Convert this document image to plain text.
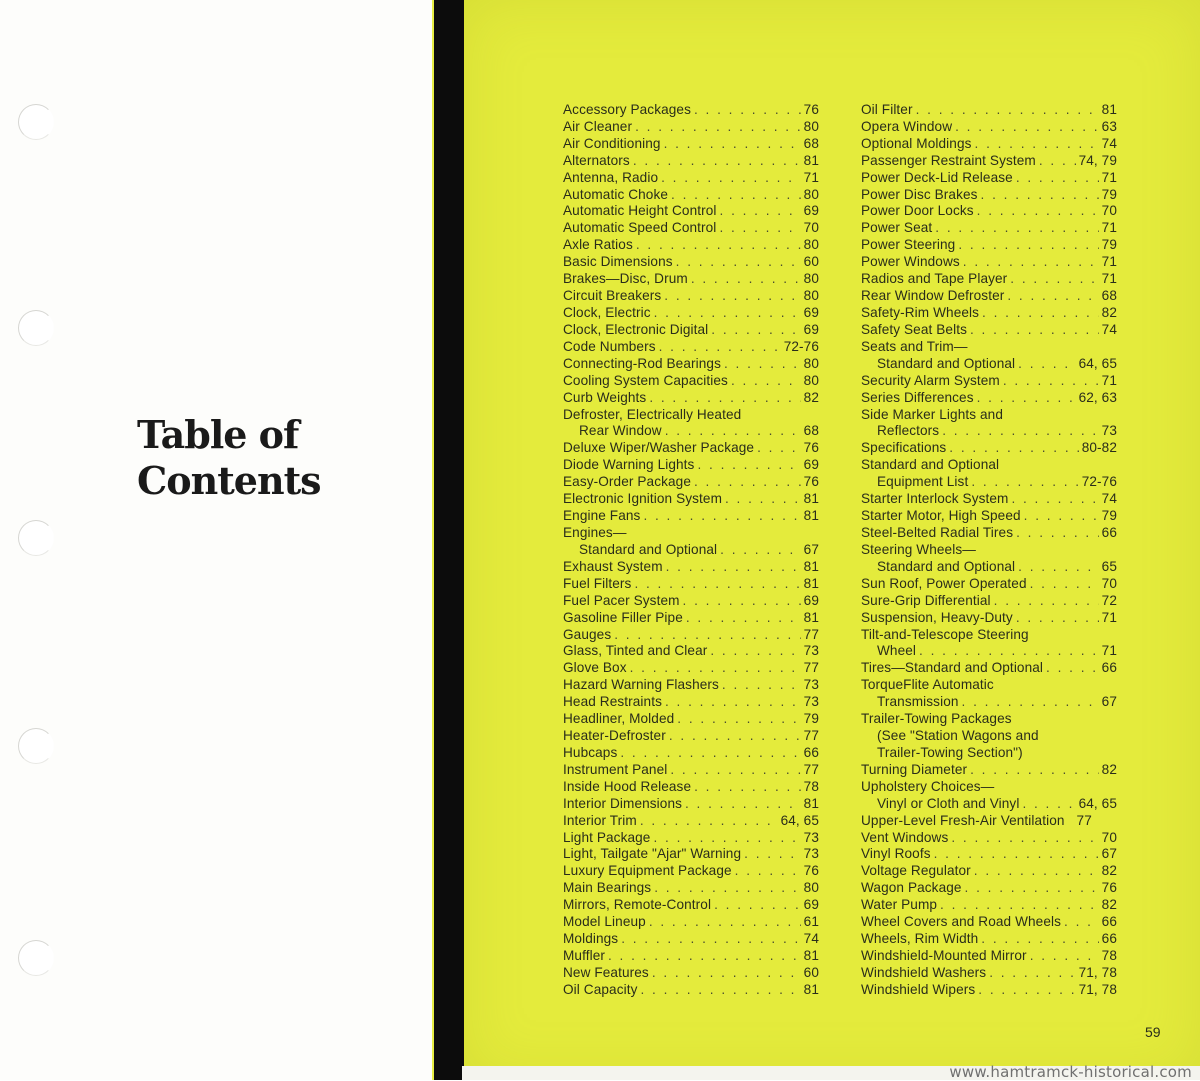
Table of
Contents
Accessory Packages . . .	76
Air Cleaner . . .	80
Air Conditioning . . .	68
Alternators . . .	81
Antenna, Radio . . .	71
Automatic Choke . . .	80
Automatic Height Control . . .	69
Automatic Speed Control . . .	70
Axle Ratios . . .	80
Basic Dimensions . . .	60
Brakes—Disc, Drum . . .	80
Circuit Breakers . . .	80
Clock, Electric . . .	69
Clock, Electronic Digital . . .	69
Code Numbers . . .	72-76
Connecting-Rod Bearings . . .	80
Cooling System Capacities . . .	80
Curb Weights . . .	82
Defroster, Electrically Heated
Rear Window . . .	68
Deluxe Wiper/Washer Package . . .	76
Diode Warning Lights . . .	69
Easy-Order Package . . .	76
Electronic Ignition System . . .	81
Engine Fans . . .	81
Engines—
Standard and Optional . . .	67
Exhaust System . . .	81
Fuel Filters . . .	81
Fuel Pacer System . . .	69
Gasoline Filler Pipe . . .	81
Gauges . . .	77
Glass, Tinted and Clear . . .	73
Glove Box . . .	77
Hazard Warning Flashers . . .	73
Head Restraints . . .	73
Headliner, Molded . . .	79
Heater-Defroster . . .	77
Hubcaps . . .	66
Instrument Panel . . .	77
Inside Hood Release . . .	78
Interior Dimensions . . .	81
Interior Trim . . .	64, 65
Light Package . . .	73
Light, Tailgate "Ajar" Warning . . .	73
Luxury Equipment Package . . .	76
Main Bearings . . .	80
Mirrors, Remote-Control . . .	69
Model Lineup . . .	61
Moldings . . .	74
Muffler . . .	81
New Features . . .	60
Oil Capacity . . .	81
Oil Filter . . .	81
Opera Window . . .	63
Optional Moldings . . .	74
Passenger Restraint System . . .	74, 79
Power Deck-Lid Release . . .	71
Power Disc Brakes . . .	79
Power Door Locks . . .	70
Power Seat . . .	71
Power Steering . . .	79
Power Windows . . .	71
Radios and Tape Player . . .	71
Rear Window Defroster . . .	68
Safety-Rim Wheels . . .	82
Safety Seat Belts . . .	74
Seats and Trim—
Standard and Optional . . .	64, 65
Security Alarm System . . .	71
Series Differences . . .	62, 63
Side Marker Lights and
Reflectors . . .	73
Specifications . . .	80-82
Standard and Optional
Equipment List . . .	72-76
Starter Interlock System . . .	74
Starter Motor, High Speed . . .	79
Steel-Belted Radial Tires . . .	66
Steering Wheels—
Standard and Optional . . .	65
Sun Roof, Power Operated . . .	70
Sure-Grip Differential . . .	72
Suspension, Heavy-Duty . . .	71
Tilt-and-Telescope Steering
Wheel . . .	71
Tires—Standard and Optional . . .	66
TorqueFlite Automatic
Transmission . . .	67
Trailer-Towing Packages
(See "Station Wagons and
Trailer-Towing Section")
Turning Diameter . . .	82
Upholstery Choices—
Vinyl or Cloth and Vinyl . . .	64, 65
Upper-Level Fresh-Air Ventilation 77
Vent Windows . . .	70
Vinyl Roofs . . .	67
Voltage Regulator . . .	82
Wagon Package . . .	76
Water Pump . . .	82
Wheel Covers and Road Wheels . . .	66
Wheels, Rim Width . . .	66
Windshield-Mounted Mirror . . .	78
Windshield Washers . . .	71, 78
Windshield Wipers . . .	71, 78
59
www.hamtramck-historical.com
